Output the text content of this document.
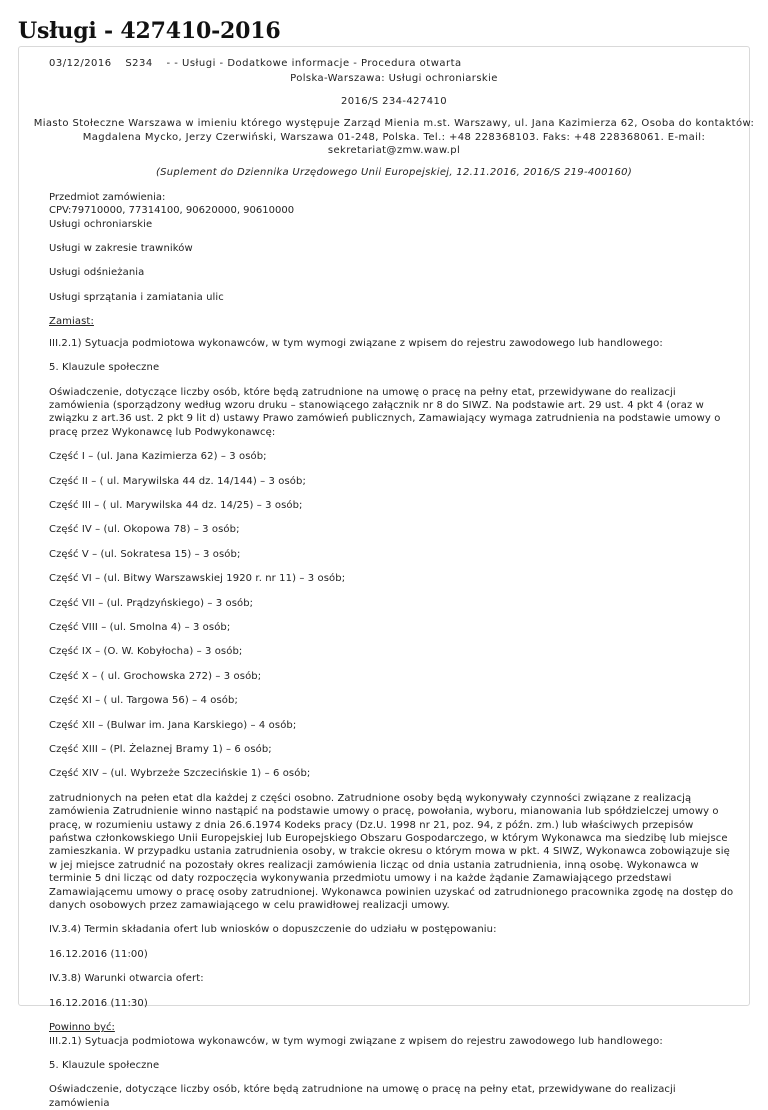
Usługi - 427410-2016
03/12/2016 S234 - - Usługi - Dodatkowe informacje - Procedura otwarta
Polska-Warszawa: Usługi ochroniarskie
2016/S 234-427410
Miasto Stołeczne Warszawa w imieniu którego występuje Zarząd Mienia m.st. Warszawy, ul. Jana Kazimierza 62, Osoba do kontaktów: Magdalena Mycko, Jerzy Czerwiński, Warszawa 01-248, Polska. Tel.: +48 228368103. Faks: +48 228368061. E-mail: sekretariat@zmw.waw.pl
(Suplement do Dziennika Urzędowego Unii Europejskiej, 12.11.2016, 2016/S 219-400160)
Przedmiot zamówienia:
CPV:79710000, 77314100, 90620000, 90610000

Usługi ochroniarskie

Usługi w zakresie trawników

Usługi odśnieżania

Usługi sprzątania i zamiatania ulic

Zamiast:

III.2.1) Sytuacja podmiotowa wykonawców, w tym wymogi związane z wpisem do rejestru zawodowego lub handlowego:

5. Klauzule społeczne

Oświadczenie, dotyczące liczby osób, które będą zatrudnione na umowę o pracę na pełny etat, przewidywane do realizacji zamówienia (sporządzony według wzoru druku – stanowiącego załącznik nr 8 do SIWZ. Na podstawie art. 29 ust. 4 pkt 4 (oraz w związku z art.36 ust. 2 pkt 9 lit d) ustawy Prawo zamówień publicznych, Zamawiający wymaga zatrudnienia na podstawie umowy o pracę przez Wykonawcę lub Podwykonawcę:

Część I – (ul. Jana Kazimierza 62) – 3 osób;

Część II – ( ul. Marywilska 44 dz. 14/144) – 3 osób;

Część III – ( ul. Marywilska 44 dz. 14/25) – 3 osób;

Część IV – (ul. Okopowa 78) – 3 osób;

Część V – (ul. Sokratesa 15) – 3 osób;

Część VI – (ul. Bitwy Warszawskiej 1920 r. nr 11) – 3 osób;

Część VII – (ul. Prądzyńskiego) – 3 osób;

Część VIII – (ul. Smolna 4) – 3 osób;

Część IX – (O. W. Kobyłocha) – 3 osób;

Część X – ( ul. Grochowska 272) – 3 osób;

Część XI – ( ul. Targowa 56) – 4 osób;

Część XII – (Bulwar im. Jana Karskiego) – 4 osób;

Część XIII – (Pl. Żelaznej Bramy 1) – 6 osób;

Część XIV – (ul. Wybrzeże Szczecińskie 1) – 6 osób;

zatrudnionych na pełen etat dla każdej z części osobno. Zatrudnione osoby będą wykonywały czynności związane z realizacją zamówienia Zatrudnienie winno nastąpić na podstawie umowy o pracę, powołania, wyboru, mianowania lub spółdzielczej umowy o pracę, w rozumieniu ustawy z dnia 26.6.1974 Kodeks pracy (Dz.U. 1998 nr 21, poz. 94, z późn. zm.) lub właściwych przepisów państwa członkowskiego Unii Europejskiej lub Europejskiego Obszaru Gospodarczego, w którym Wykonawca ma siedzibę lub miejsce zamieszkania. W przypadku ustania zatrudnienia osoby, w trakcie okresu o którym mowa w pkt. 4 SIWZ, Wykonawca zobowiązuje się w jej miejsce zatrudnić na pozostały okres realizacji zamówienia licząc od dnia ustania zatrudnienia, inną osobę. Wykonawca w terminie 5 dni licząc od daty rozpoczęcia wykonywania przedmiotu umowy i na każde żądanie Zamawiającego przedstawi Zamawiającemu umowy o pracę osoby zatrudnionej. Wykonawca powinien uzyskać od zatrudnionego pracownika zgodę na dostęp do danych osobowych przez zamawiającego w celu prawidłowej realizacji umowy.

IV.3.4) Termin składania ofert lub wniosków o dopuszczenie do udziału w postępowaniu:

16.12.2016 (11:00)

IV.3.8) Warunki otwarcia ofert:

16.12.2016 (11:30)

Powinno być:

III.2.1) Sytuacja podmiotowa wykonawców, w tym wymogi związane z wpisem do rejestru zawodowego lub handlowego:

5. Klauzule społeczne

Oświadczenie, dotyczące liczby osób, które będą zatrudnione na umowę o pracę na pełny etat, przewidywane do realizacji zamówienia
